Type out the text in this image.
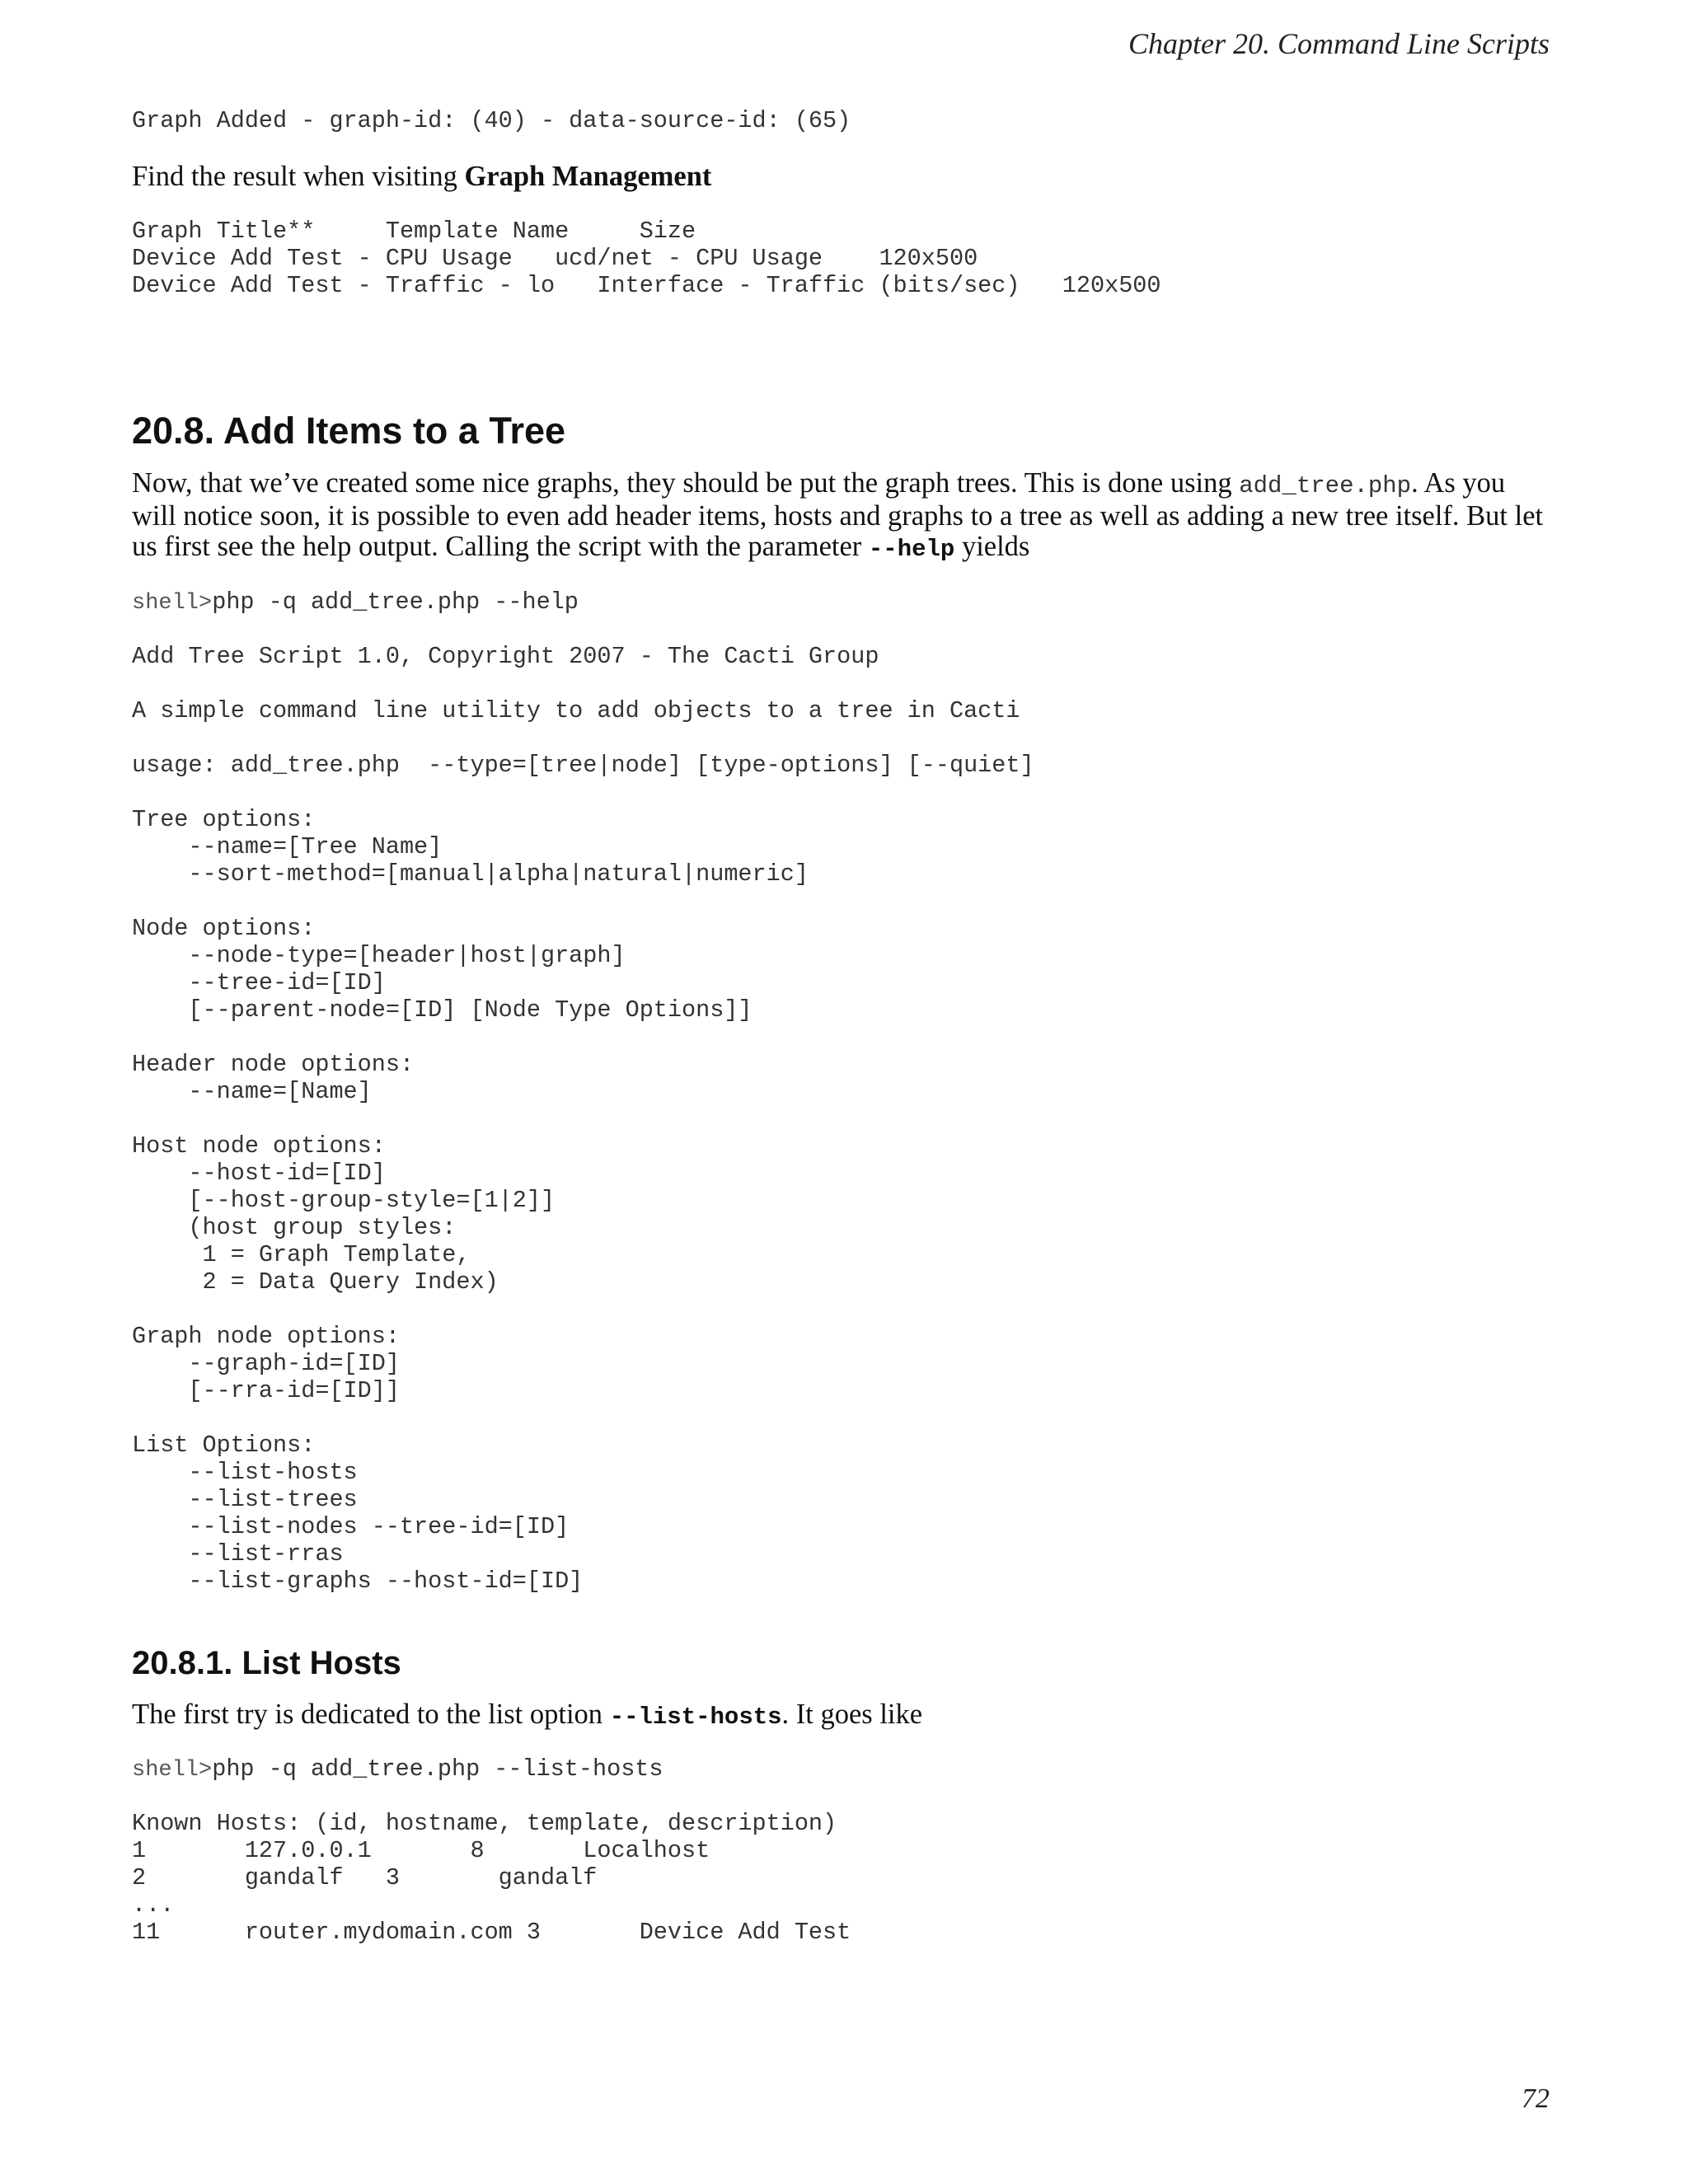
Chapter 20. Command Line Scripts
Graph Added - graph-id: (40) - data-source-id: (65)

Find the result when visiting Graph Management

Graph Title**     Template Name     Size
Device Add Test - CPU Usage   ucd/net - CPU Usage    120x500
Device Add Test - Traffic - lo   Interface - Traffic (bits/sec)   120x500
20.8. Add Items to a Tree

Now, that we’ve created some nice graphs, they should be put the graph trees. This is done using add_tree.php. As you will notice soon, it is possible to even add header items, hosts and graphs to a tree as well as adding a new tree itself. But let us first see the help output. Calling the script with the parameter --help yields

shell>php -q add_tree.php --help
Add Tree Script 1.0, Copyright 2007 - The Cacti Group

A simple command line utility to add objects to a tree in Cacti

usage: add_tree.php  --type=[tree|node] [type-options] [--quiet]

Tree options:
--name=[Tree Name]
--sort-method=[manual|alpha|natural|numeric]

Node options:
--node-type=[header|host|graph]
--tree-id=[ID]
[--parent-node=[ID] [Node Type Options]]

Header node options:
--name=[Name]

Host node options:
--host-id=[ID]
[--host-group-style=[1|2]]
(host group styles:
1 = Graph Template,
2 = Data Query Index)

Graph node options:
--graph-id=[ID]
[--rra-id=[ID]]

List Options:
--list-hosts
--list-trees
--list-nodes --tree-id=[ID]
--list-rras
--list-graphs --host-id=[ID]
20.8.1. List Hosts

The first try is dedicated to the list option --list-hosts. It goes like

shell>php -q add_tree.php --list-hosts
Known Hosts: (id, hostname, template, description)
1       127.0.0.1       8       Localhost
2       gandalf   3       gandalf
...
11      router.mydomain.com 3       Device Add Test
72
